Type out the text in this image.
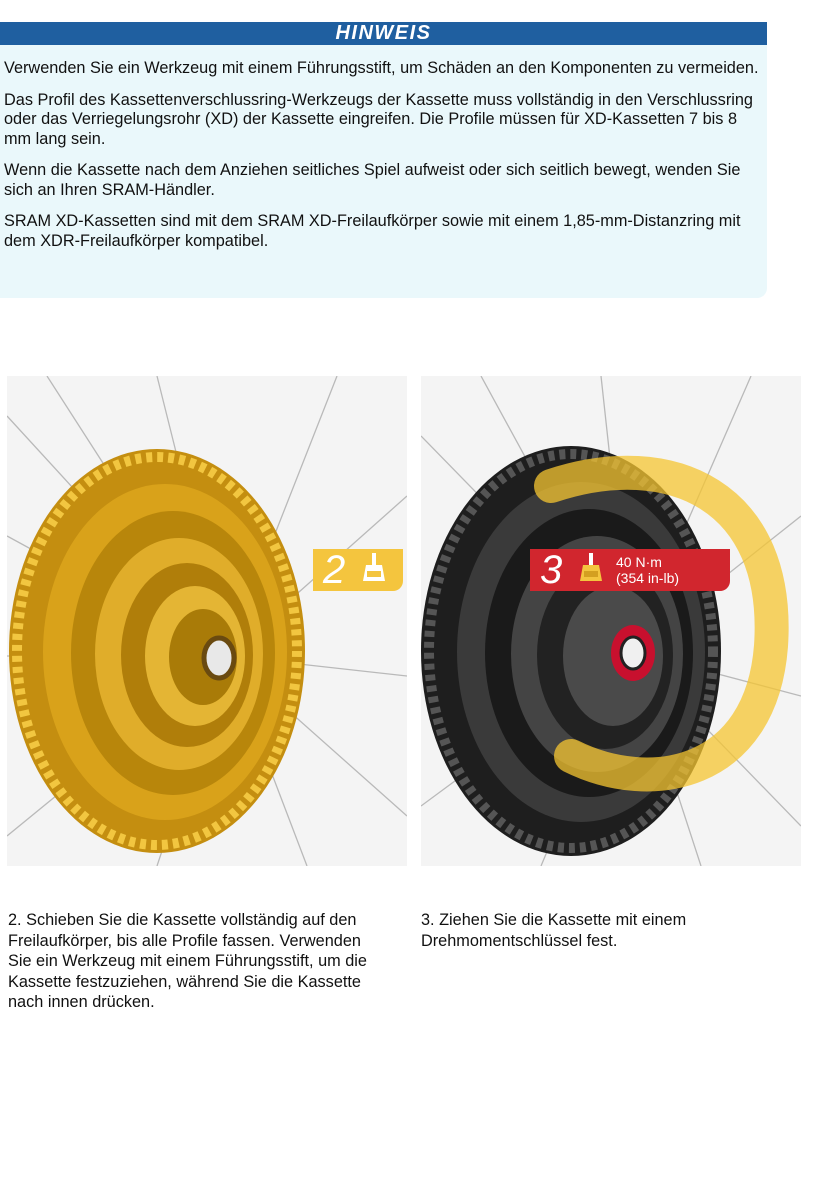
HINWEIS

Verwenden Sie ein Werkzeug mit einem Führungsstift, um Schäden an den Komponenten zu vermeiden.

Das Profil des Kassettenverschlussring-Werkzeugs der Kassette muss vollständig in den Verschlussring oder das Verriegelungsrohr (XD) der Kassette eingreifen. Die Profile müssen für XD-Kassetten 7 bis 8 mm lang sein.

Wenn die Kassette nach dem Anziehen seitliches Spiel aufweist oder sich seitlich bewegt, wenden Sie sich an Ihren SRAM-Händler.

SRAM XD-Kassetten sind mit dem SRAM XD-Freilaufkörper sowie mit einem 1,85-mm-Distanzring mit dem XDR-Freilaufkörper kompatibel.

2	3	40 N·m
(354 in-lb)
2. Schieben Sie die Kassette vollständig auf den Freilaufkörper, bis alle Profile fassen. Verwenden Sie ein Werkzeug mit einem Führungsstift, um die Kassette festzuziehen, während Sie die Kassette nach innen drücken.
3. Ziehen Sie die Kassette mit einem Drehmomentschlüssel fest.
